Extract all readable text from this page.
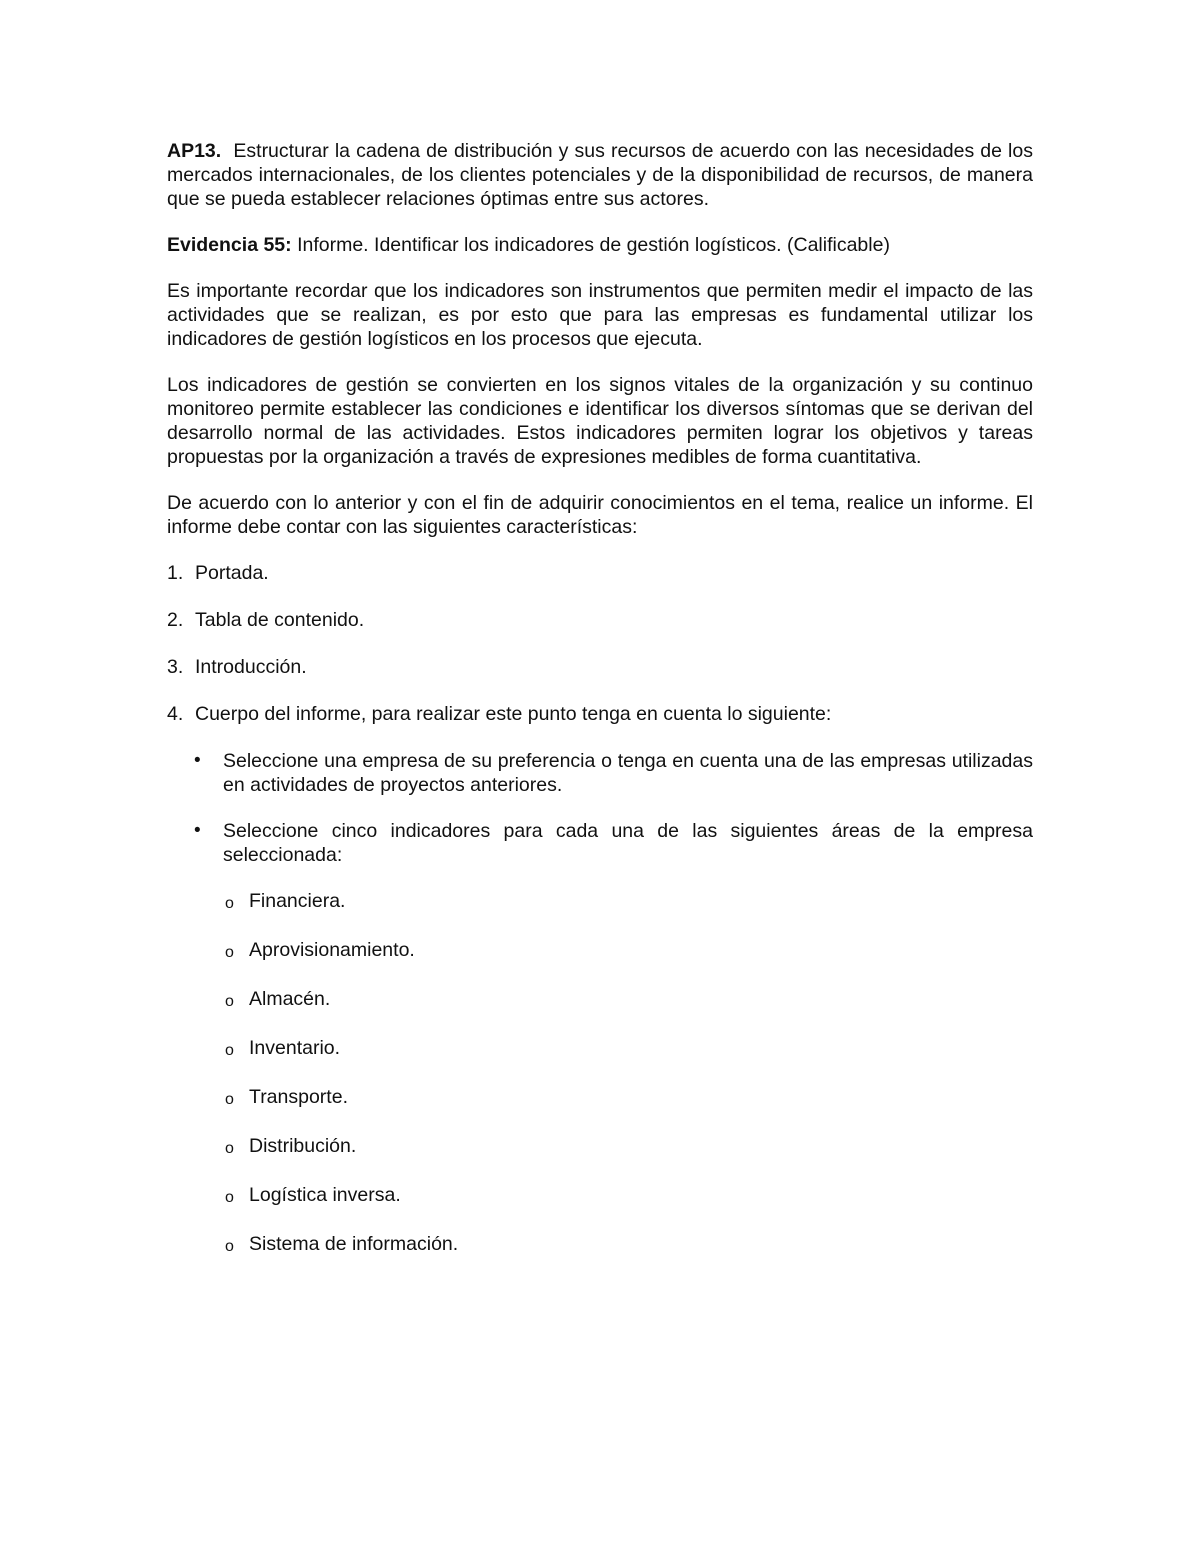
AP13. Estructurar la cadena de distribución y sus recursos de acuerdo con las necesidades de los mercados internacionales, de los clientes potenciales y de la disponibilidad de recursos, de manera que se pueda establecer relaciones óptimas entre sus actores.

Evidencia 55: Informe. Identificar los indicadores de gestión logísticos. (Calificable)

Es importante recordar que los indicadores son instrumentos que permiten medir el impacto de las actividades que se realizan, es por esto que para las empresas es fundamental utilizar los indicadores de gestión logísticos en los procesos que ejecuta.

Los indicadores de gestión se convierten en los signos vitales de la organización y su continuo monitoreo permite establecer las condiciones e identificar los diversos síntomas que se derivan del desarrollo normal de las actividades. Estos indicadores permiten lograr los objetivos y tareas propuestas por la organización a través de expresiones medibles de forma cuantitativa.

De acuerdo con lo anterior y con el fin de adquirir conocimientos en el tema, realice un informe. El informe debe contar con las siguientes características:

1. Portada.
2. Tabla de contenido.
3. Introducción.
4. Cuerpo del informe, para realizar este punto tenga en cuenta lo siguiente:
• Seleccione una empresa de su preferencia o tenga en cuenta una de las empresas utilizadas en actividades de proyectos anteriores.
• Seleccione cinco indicadores para cada una de las siguientes áreas de la empresa seleccionada:
o Financiera.
o Aprovisionamiento.
o Almacén.
o Inventario.
o Transporte.
o Distribución.
o Logística inversa.
o Sistema de información.
